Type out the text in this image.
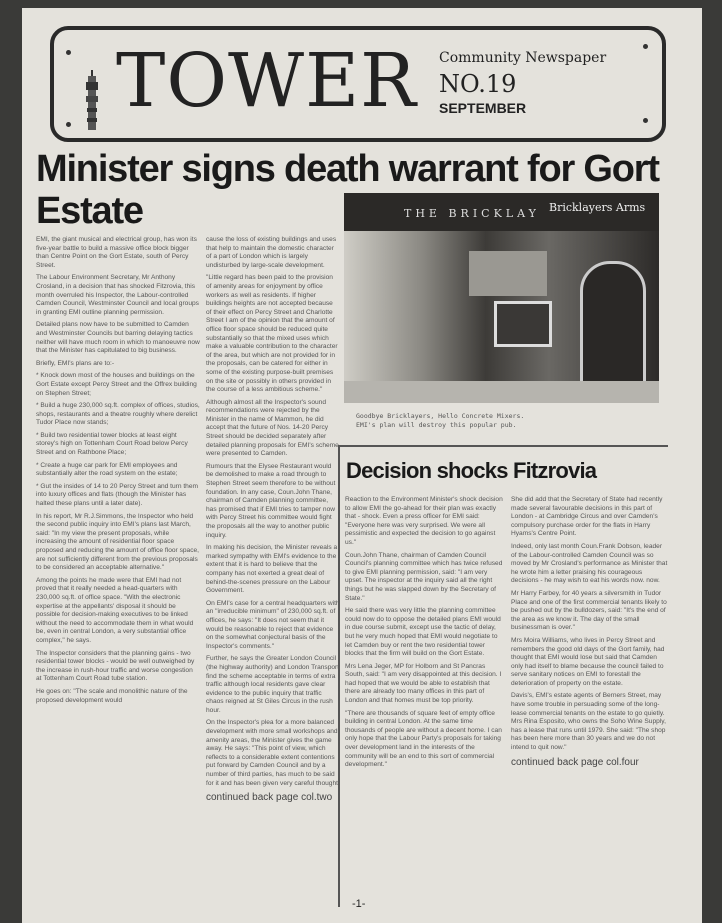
TOWER Community Newspaper
NO.19
SEPTEMBER
Minister signs death warrant for Gort Estate

EMI, the giant musical and electrical group, has won its five-year battle to build a massive office block bigger than Centre Point on the Gort Estate, south of Percy Street.

The Labour Environment Secretary, Mr Anthony Crosland, in a decision that has shocked Fitzrovia, this month overruled his Inspector, the Labour-controlled Camden Council, Westminster Council and local groups in granting EMI outline planning permission.

Detailed plans now have to be submitted to Camden and Westminster Councils but barring delaying tactics neither will have much room in which to manoeuvre now that the Minister has capitulated to big business.

Briefly, EMI's plans are to:-

* Knock down most of the houses and buildings on the Gort Estate except Percy Street and the Offrex building on Stephen Street;

* Build a huge 230,000 sq.ft. complex of offices, studios, shops, restaurants and a theatre roughly where derelict Tudor Place now stands;

* Build two residential tower blocks at least eight storey's high on Tottenham Court Road below Percy Street and on Rathbone Place;

* Create a huge car park for EMI employees and substantially alter the road system on the estate;

* Gut the insides of 14 to 20 Percy Street and turn them into luxury offices and flats (though the Minister has halted these plans until a later date).

In his report, Mr R.J.Simmons, the Inspector who held the second public inquiry into EMI's plans last March, said: "In my view the present proposals, while increasing the amount of residential floor space proposed and reducing the amount of office floor space, are not sufficiently different from the previous proposals to be considered an acceptable alternative."

Among the points he made were that EMI had not proved that it really needed a head-quarters with 230,000 sq.ft. of office space. "With the electronic expertise at the appellants' disposal it should be possible for decision-making executives to be linked without the need to accommodate them in what would be, even in central London, a very substantial office complex," he says.

The Inspector considers that the planning gains - two residential tower blocks - would be well outweighed by the increase in rush-hour traffic and worse congestion at Tottenham Court Road tube station.

He goes on: "The scale and monolithic nature of the proposed development would

cause the loss of existing buildings and uses that help to maintain the domestic character of a part of London which is largely undisturbed by large-scale development.

"Little regard has been paid to the provision of amenity areas for enjoyment by office workers as well as residents. If higher buildings heights are not accepted because of their effect on Percy Street and Charlotte Street I am of the opinion that the amount of office floor space should be reduced quite substantially so that the mixed uses which make a valuable contribution to the character of the area, but which are not provided for in the proposals, can be catered for either in some of the existing purpose-built premises on the site or possibly in others provided in the course of a less ambitious scheme."

Although almost all the Inspector's sound recommendations were rejected by the Minister in the name of Mammon, he did accept that the future of Nos. 14-20 Percy Street should be decided separately after detailed planning proposals for EMI's scheme were presented to Camden.

Rumours that the Elysee Restaurant would be demolished to make a road through to Stephen Street seem therefore to be without foundation. In any case, Coun.John Thane, chairman of Camden planning committee, has promised that if EMI tries to tamper now with Percy Street his committee would fight the proposals all the way to another public inquiry.

In making his decision, the Minister reveals a marked sympathy with EMI's evidence to the extent that it is hard to believe that the company has not exerted a great deal of behind-the-scenes pressure on the Labour Government.

On EMI's case for a central headquarters with an "irreducible minimum" of 230,000 sq.ft. of offices, he says: "It does not seem that it would be reasonable to reject that evidence on the somewhat conjectural basis of the Inspector's comments."

Further, he says the Greater London Council (the highway authority) and London Transport find the scheme acceptable in terms of extra traffic although local residents gave clear evidence to the public inquiry that traffic chaos reigned at St Giles Circus in the rush hour.

On the Inspector's plea for a more balanced development with more small workshops and amenity areas, the Minister gives the game away. He says: "This point of view, which reflects to a considerable extent contentions put forward by Camden Council and by a number of third parties, has much to be said for it and has been given very careful thought.

continued back page col.two
THE BRICKLAY Bricklayers Arms
Goodbye Bricklayers, Hello Concrete Mixers.
EMI's plan will destroy this popular pub.
Decision shocks Fitzrovia

Reaction to the Environment Minister's shock decision to allow EMI the go-ahead for their plan was exactly that - shock. Even a press officer for EMI said: "Everyone here was very surprised. We were all pessimistic and expected the decision to go against us."

Coun.John Thane, chairman of Camden Council Council's planning committee which has twice refused to give EMI planning permission, said: "I am very upset. The inspector at the inquiry said all the right things but he was slapped down by the Secretary of State."

He said there was very little the planning committee could now do to oppose the detailed plans EMI would in due course submit, except use the tactic of delay, but he very much hoped that EMI would negotiate to let Camden buy or rent the two residential tower blocks that the firm will build on the Gort Estate.

Mrs Lena Jeger, MP for Holborn and St Pancras South, said: "I am very disappointed at this decision. I had hoped that we would be able to establish that there are already too many offices in this part of London and that homes must be top priority.

"There are thousands of square feet of empty office building in central London. At the same time thousands of people are without a decent home. I can only hope that the Labour Party's proposals for taking over development land in the interests of the community will be an end to this sort of commercial development."

She did add that the Secretary of State had recently made several favourable decisions in this part of London - at Cambridge Circus and over Camden's compulsory purchase order for the flats in Harry Hyams's Centre Point.

Indeed, only last month Coun.Frank Dobson, leader of the Labour-controlled Camden Council was so moved by Mr Crosland's performance as Minister that he wrote him a letter praising his courageous decisions - he may wish to eat his words now. now.

Mr Harry Farbey, for 40 years a silversmith in Tudor Place and one of the first commercial tenants likely to be pushed out by the bulldozers, said: "It's the end of the area as we know it. The day of the small businessman is over."

Mrs Moira Williams, who lives in Percy Street and remembers the good old days of the Gort family, had thought that EMI would lose but said that Camden only had itself to blame because the council failed to serve sanitary notices on EMI to forestall the deterioration of property on the estate.

Davis's, EMI's estate agents of Berners Street, may have some trouble in persuading some of the long-lease commercial tenants on the estate to go quietly. Mrs Rina Esposito, who owns the Soho Wine Supply, has a lease that runs until 1979. She said: "The shop has been here more than 30 years and we do not intend to quit now."

continued back page col.four
-1-
